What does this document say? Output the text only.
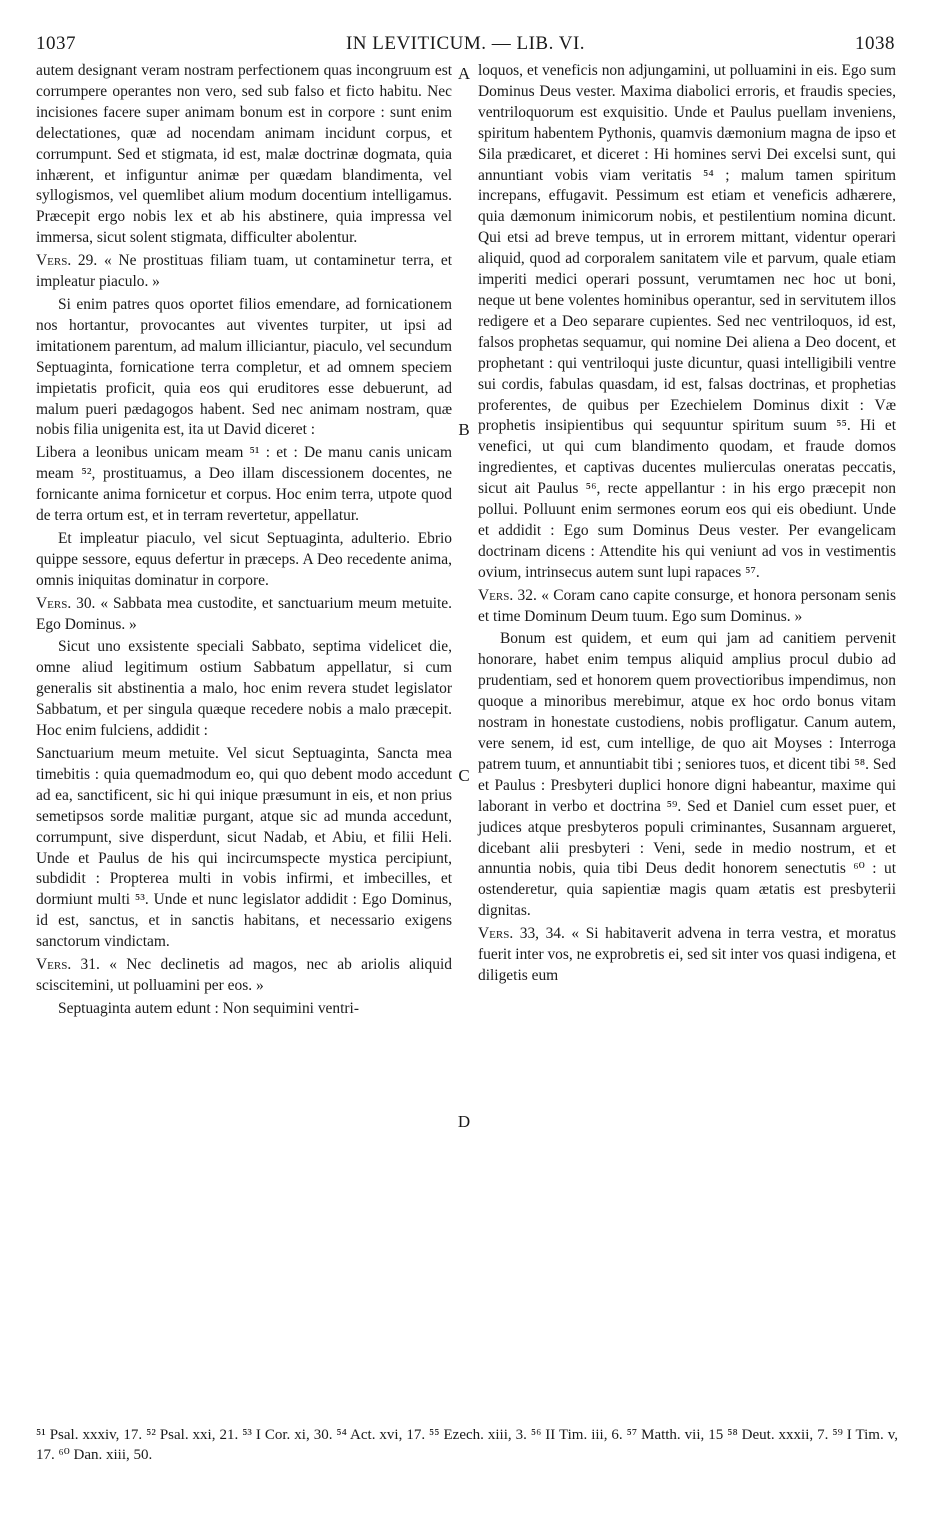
1037	IN LEVITICUM. — LIB. VI.	1038

autem designant veram nostram perfectionem quas incongruum est corrumpere operantes non vero, sed sub falso et ficto habitu. Nec incisiones facere super animam bonum est in corpore : sunt enim delectationes, quæ ad nocendam animam incidunt corpus, et corrumpunt. Sed et stigmata, id est, malæ doctrinæ dogmata, quia inhærent, et infiguntur animæ per quædam blandimenta, vel syllogismos, vel quemlibet alium modum docentium intelligamus. Præcepit ergo nobis lex et ab his abstinere, quia impressa vel immersa, sicut solent stigmata, difficulter abolentur.

Vers. 29. « Ne prostituas filiam tuam, ut contaminetur terra, et impleatur piaculo. »

Si enim patres quos oportet filios emendare, ad fornicationem nos hortantur, provocantes aut viventes turpiter, ut ipsi ad imitationem parentum, ad malum illiciantur, piaculo, vel secundum Septuaginta, fornicatione terra completur, et ad omnem speciem impietatis proficit, quia eos qui eruditores esse debuerunt, ad malum pueri pædagogos habent. Sed nec animam nostram, quæ nobis filia unigenita est, ita ut David diceret :

Libera a leonibus unicam meam ⁵¹ : et : De manu canis unicam meam ⁵², prostituamus, a Deo illam discessionem docentes, ne fornicante anima fornicetur et corpus. Hoc enim terra, utpote quod de terra ortum est, et in terram revertetur, appellatur.

Et impleatur piaculo, vel sicut Septuaginta, adulterio. Ebrio quippe sessore, equus defertur in præceps. A Deo recedente anima, omnis iniquitas dominatur in corpore.

Vers. 30. « Sabbata mea custodite, et sanctuarium meum metuite. Ego Dominus. »

Sicut uno exsistente speciali Sabbato, septima videlicet die, omne aliud legitimum ostium Sabbatum appellatur, si cum generalis sit abstinentia a malo, hoc enim revera studet legislator Sabbatum, et per singula quæque recedere nobis a malo præcepit. Hoc enim fulciens, addidit :

Sanctuarium meum metuite. Vel sicut Septuaginta, Sancta mea timebitis : quia quemadmodum eo, qui quo debent modo accedunt ad ea, sanctificent, sic hi qui inique præsumunt in eis, et non prius semetipsos sorde malitiæ purgant, atque sic ad munda accedunt, corrumpunt, sive disperdunt, sicut Nadab, et Abiu, et filii Heli. Unde et Paulus de his qui incircumspecte mystica percipiunt, subdidit : Propterea multi in vobis infirmi, et imbecilles, et dormiunt multi ⁵³. Unde et nunc legislator addidit : Ego Dominus, id est, sanctus, et in sanctis habitans, et necessario exigens sanctorum vindictam.

Vers. 31. « Nec declinetis ad magos, nec ab ariolis aliquid sciscitemini, ut polluamini per eos. »

Septuaginta autem edunt : Non sequimini ventri-

loquos, et veneficis non adjungamini, ut polluamini in eis. Ego sum Dominus Deus vester. Maxima diabolici erroris, et fraudis species, ventriloquorum est exquisitio. Unde et Paulus puellam inveniens, spiritum habentem Pythonis, quamvis dæmonium magna de ipso et Sila prædicaret, et diceret : Hi homines servi Dei excelsi sunt, qui annuntiant vobis viam veritatis ⁵⁴ ; malum tamen spiritum increpans, effugavit. Pessimum est etiam et veneficis adhærere, quia dæmonum inimicorum nobis, et pestilentium nomina dicunt. Qui etsi ad breve tempus, ut in errorem mittant, videntur operari aliquid, quod ad corporalem sanitatem vile et parvum, quale etiam imperiti medici operari possunt, verumtamen nec hoc ut boni, neque ut bene volentes hominibus operantur, sed in servitutem illos redigere et a Deo separare cupientes. Sed nec ventriloquos, id est, falsos prophetas sequamur, qui nomine Dei aliena a Deo docent, et prophetant : qui ventriloqui juste dicuntur, quasi intelligibili ventre sui cordis, fabulas quasdam, id est, falsas doctrinas, et prophetias proferentes, de quibus per Ezechielem Dominus dixit : Væ prophetis insipientibus qui sequuntur spiritum suum ⁵⁵. Hi et venefici, ut qui cum blandimento quodam, et fraude domos ingredientes, et captivas ducentes mulierculas oneratas peccatis, sicut ait Paulus ⁵⁶, recte appellantur : in his ergo præcepit non pollui. Polluunt enim sermones eorum eos qui eis obediunt. Unde et addidit : Ego sum Dominus Deus vester. Per evangelicam doctrinam dicens : Attendite his qui veniunt ad vos in vestimentis ovium, intrinsecus autem sunt lupi rapaces ⁵⁷.

Vers. 32. « Coram cano capite consurge, et honora personam senis et time Dominum Deum tuum. Ego sum Dominus. »

Bonum est quidem, et eum qui jam ad canitiem pervenit honorare, habet enim tempus aliquid amplius procul dubio ad prudentiam, sed et honorem quem provectioribus impendimus, non quoque a minoribus merebimur, atque ex hoc ordo bonus vitam nostram in honestate custodiens, nobis profligatur. Canum autem, vere senem, id est, cum intellige, de quo ait Moyses : Interroga patrem tuum, et annuntiabit tibi ; seniores tuos, et dicent tibi ⁵⁸. Sed et Paulus : Presbyteri duplici honore digni habeantur, maxime qui laborant in verbo et doctrina ⁵⁹. Sed et Daniel cum esset puer, et judices atque presbyteros populi criminantes, Susannam argueret, dicebant alii presbyteri : Veni, sede in medio nostrum, et et annuntia nobis, quia tibi Deus dedit honorem senectutis ⁶⁰ : ut ostenderetur, quia sapientiæ magis quam ætatis est presbyterii dignitas.

Vers. 33, 34. « Si habitaverit advena in terra vestra, et moratus fuerit inter vos, ne exprobretis ei, sed sit inter vos quasi indigena, et diligetis eum

A
B
C
D
⁵¹ Psal. xxxiv, 17. ⁵² Psal. xxi, 21. ⁵³ I Cor. xi, 30. ⁵⁴ Act. xvi, 17. ⁵⁵ Ezech. xiii, 3. ⁵⁶ II Tim. iii, 6. ⁵⁷ Matth. vii, 15 ⁵⁸ Deut. xxxii, 7. ⁵⁹ I Tim. v, 17. ⁶⁰ Dan. xiii, 50.
